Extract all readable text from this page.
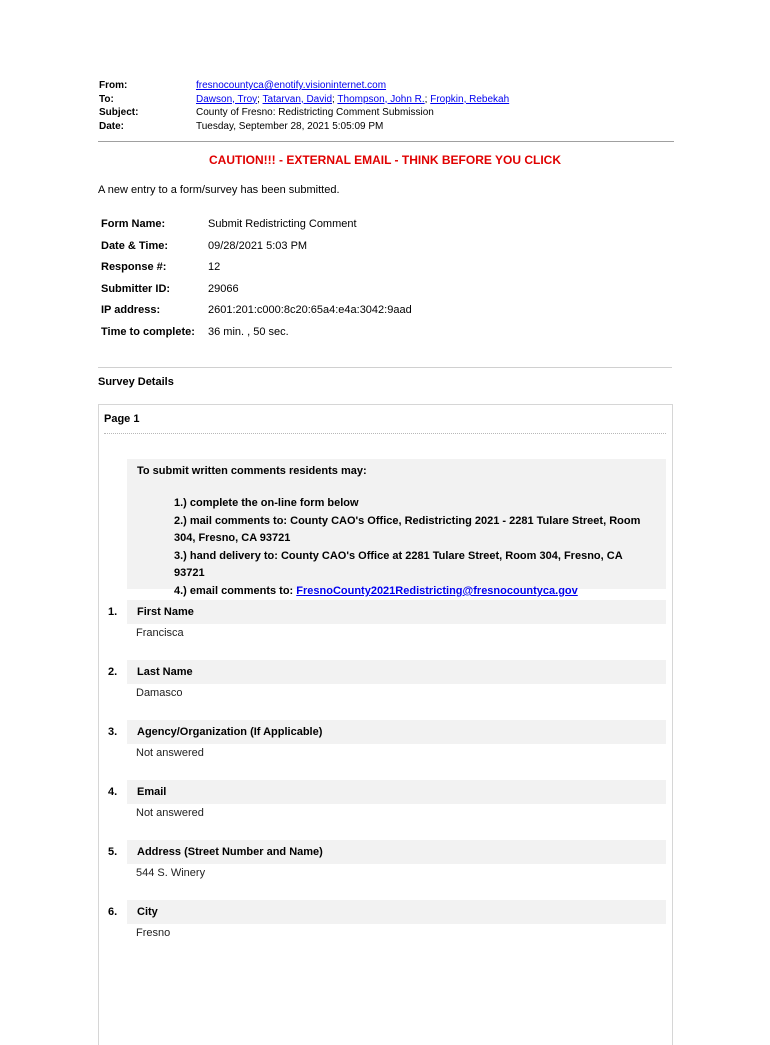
From:	fresnocountyca@enotify.visioninternet.com
To:	Dawson, Troy; Tatarvan, David; Thompson, John R.; Fropkin, Rebekah
Subject:	County of Fresno: Redistricting Comment Submission
Date:	Tuesday, September 28, 2021 5:05:09 PM
CAUTION!!! - EXTERNAL EMAIL - THINK BEFORE YOU CLICK
A new entry to a form/survey has been submitted.
Form Name:	Submit Redistricting Comment
Date & Time:	09/28/2021 5:03 PM
Response #:	12
Submitter ID:	29066
IP address:	2601:201:c000:8c20:65a4:e4a:3042:9aad
Time to complete:	36 min. , 50 sec.
Survey Details
Page 1
To submit written comments residents may:
1.) complete the on-line form below
2.) mail comments to: County CAO's Office, Redistricting 2021 - 2281 Tulare Street, Room 304, Fresno, CA 93721
3.) hand delivery to: County CAO's Office at 2281 Tulare Street, Room 304, Fresno, CA 93721
4.) email comments to: FresnoCounty2021Redistricting@fresnocountyca.gov
1. First Name
Francisca
2. Last Name
Damasco
3. Agency/Organization (If Applicable)
Not answered
4. Email
Not answered
5. Address (Street Number and Name)
544 S. Winery
6. City
Fresno
